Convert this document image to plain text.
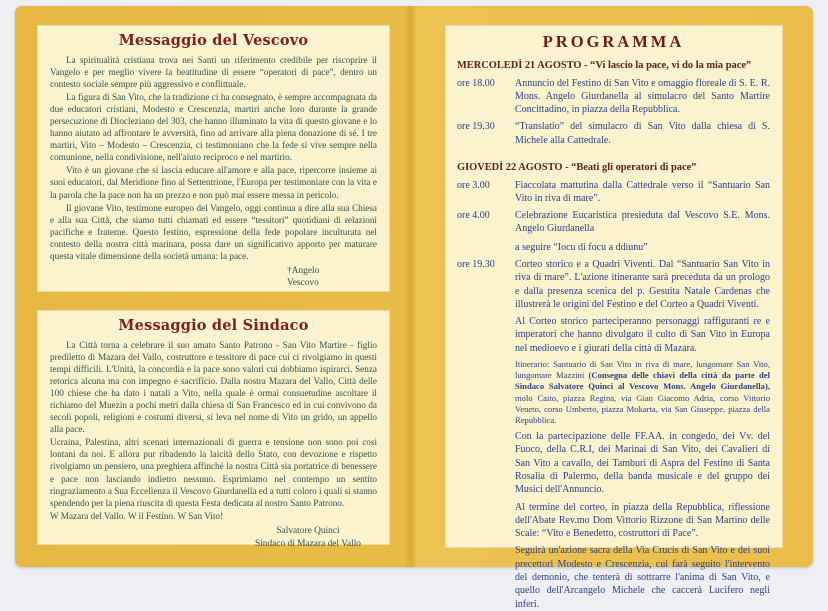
Messaggio del Vescovo

La spiritualità cristiana trova nei Santi un riferimento credibile per riscoprire il Vangelo e per meglio vivere la beatitudine di essere “operatori di pace”, dentro un contesto sociale sempre più aggressivo e conflittuale.

La figura di San Vito, che la tradizione ci ha consegnato, è sempre accompagnata da due educatori cristiani, Modesto e Crescenzia, martiri anche loro durante la grande persecuzione di Diocleziano del 303, che hanno illuminato la vita di questo giovane e lo hanno aiutato ad affrontare le avversità, fino ad arrivare alla piena donazione di sé. I tre martiri, Vito – Modesto – Crescenzia, ci testimoniano che la fede si vive sempre nella comunione, nella condivisione, nell'aiuto reciproco e nel martirio.

Vito è un giovane che si lascia educare all'amore e alla pace, ripercorre insieme ai suoi educatori, dal Meridione fino al Settentrione, l'Europa per testimoniare con la vita e la parola che la pace non ha un prezzo e non può mai essere messa in pericolo.

Il giovane Vito, testimone europeo del Vangelo, oggi continua a dire alla sua Chiesa e alla sua Città, che siamo tutti chiamati ed essere “tessitori” quotidiani di relazioni pacifiche e fraterne. Questo festino, espressione della fede popolare inculturata nel contesto della nostra città marinara, possa dare un significativo apporto per maturare questa vitale dimensione della società umana: la pace.

†Angelo
Vescovo
Messaggio del Sindaco

La Città torna a celebrare il suo amato Santo Patrono - San Vito Martire - figlio prediletto di Mazara del Vallo, costruttore e tessitore di pace cui ci rivolgiamo in questi tempi difficili. L'Unità, la concordia e la pace sono valori cui dobbiamo ispirarci. Senza retorica alcuna ma con impegno e sacrificio. Dalla nostra Mazara del Vallo, Città delle 100 chiese che ha dato i natali a Vito, nella quale è ormai consuetudine ascoltare il richiamo del Muezin a pochi metri dalla chiesa di San Francesco ed in cui convivono da secoli popoli, religioni e costumi diversi, si leva nel nome di Vito un grido, un appello alla pace.

Ucraina, Palestina, altri scenari internazionali di guerra e tensione non sono poi così lontani da noi. E allora pur ribadendo la laicità dello Stato, con devozione e rispetto rivolgiamo un pensiero, una preghiera affinché la nostra Città sia portatrice di benessere e pace non lasciando indietro nessuno. Esprimiamo nel contempo un sentito ringraziamento a Sua Eccellenza il Vescovo Giurdanella ed a tutti coloro i quali si stanno spendendo per la piena riuscita di questa Festa dedicata al nostro Santo Patrono.

W Mazara del Vallo. W il Festino. W San Vito!

Salvatore Quinci
Sindaco di Mazara del Vallo
PROGRAMMA
MERCOLEDÌ 21 AGOSTO - “Vi lascio la pace, vi do la mia pace”
ore 18.00	Annuncio del Festino di San Vito e omaggio floreale di S. E. R. Mons. Angelo Giurdanella al simulacro del Santo Martire Concittadino, in piazza della Repubblica.

ore 19.30	“Translatio” del simulacro di San Vito dalla chiesa di S. Michele alla Cattedrale.

GIOVEDÌ 22 AGOSTO - “Beati gli operatori di pace”
ore 3.00	Fiaccolata mattutina dalla Cattedrale verso il “Santuario San Vito in riva di mare”.

ore 4.00	Celebrazione Eucaristica presieduta dal Vescovo S.E. Mons. Angelo Giurdanella

a seguire “Iocu di focu a ddiunu”

ore 19.30	Corteo storico e a Quadri Viventi. Dal “Santuario San Vito in riva di mare”. L'azione itinerante sarà preceduta da un prologo e dalla presenza scenica del p. Gesuita Natale Cardenas che illustrerà le origini del Festino e del Corteo a Quadri Viventi.

Al Corteo storico parteciperanno personaggi raffiguranti re e imperatori che hanno divulgato il culto di San Vito in Europa nel medioevo e i giurati della città di Mazara.

Itinerario: Santuario di San Vito in riva di mare, lungomare San Vito, lungomare Mazzini (Consegna delle chiavi della città da parte del Sindaco Salvatore Quinci al Vescovo Mons. Angelo Giurdanella), molo Caito, piazza Regina, via Gian Giacomo Adria, corso Vittorio Veneto, corso Umberto, piazza Mokarta, via San Giuseppe, piazza della Repubblica.

Con la partecipazione delle FF.AA. in congedo, dei Vv. del Fuoco, della C.R.I, dei Marinai di San Vito, dei Cavalieri di San Vito a cavallo, dei Tamburi di Aspra del Festino di Santa Rosalia di Palermo, della banda musicale e del gruppo dei Musici dell'Annuncio.

Al termine del corteo, in piazza della Repubblica, riflessione dell'Abate Rev.mo Dom Vittorio Rizzone di San Martino delle Scale: “Vito e Benedetto, costruttori di Pace”.

Seguirà un'azione sacra della Via Crucis di San Vito e dei suoi precettori Modesto e Crescenzia, cui farà seguito l'intervento del demonio, che tenterà di sottrarre l'anima di San Vito, e quello dell'Arcangelo Michele che caccerà Lucifero negli inferi.
